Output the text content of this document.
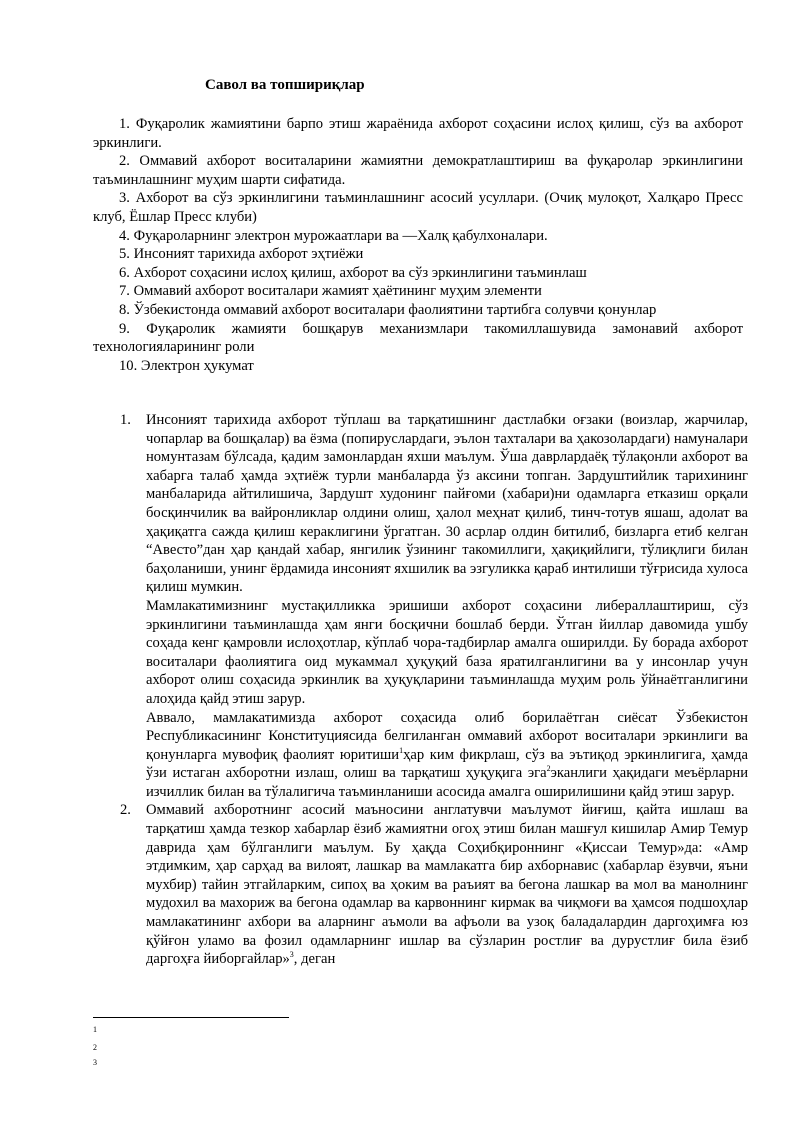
Савол ва топшириқлар

1. Фуқаролик жамиятини барпо этиш жараёнида ахборот соҳасини ислоҳ қилиш, сўз ва ахборот эркинлиги.

2. Оммавий ахборот воситаларини жамиятни демократлаштириш ва фуқаролар эркинлигини таъминлашнинг муҳим шарти сифатида.

3. Ахборот ва сўз эркинлигини таъминлашнинг асосий усуллари. (Очиқ мулоқот, Халқаро Пресс клуб, Ёшлар Пресс клуби)

4. Фуқароларнинг электрон мурожаатлари ва —Халқ қабулхоналари.

5. Инсоният тарихида ахборот эҳтиёжи

6. Ахборот соҳасини ислоҳ қилиш, ахборот ва сўз эркинлигини таъминлаш

7. Оммавий ахборот воситалари жамият ҳаётининг муҳим элементи

8. Ўзбекистонда оммавий ахборот воситалари фаолиятини тартибга солувчи қонунлар

9. Фуқаролик жамияти бошқарув механизмлари такомиллашувида замонавий ахборот технологияларининг роли

10. Электрон ҳукумат

1.	Инсоният тарихида ахборот тўплаш ва тарқатишнинг дастлабки оғзаки (воизлар, жарчилар, чопарлар ва бошқалар) ва ёзма (попируслардаги, эълон тахталари ва ҳакозолардаги) намуналари номунтазам бўлсада, қадим замонлардан яхши маълум. Ўша даврлардаёқ тўлақонли ахборот ва хабарга талаб ҳамда эҳтиёж турли манбаларда ўз аксини топган. Зардуштийлик тарихининг манбаларида айтилишича, Зардушт худонинг пайғоми (хабари)ни одамларга етказиш орқали босқинчилик ва вайронликлар олдини олиш, ҳалол меҳнат қилиб, тинч-тотув яшаш, адолат ва ҳақиқатга сажда қилиш кераклигини ўргатган. 30 асрлар олдин битилиб, бизларга етиб келган “Авесто”дан ҳар қандай хабар, янгилик ўзининг такомиллиги, ҳақиқийлиги, тўлиқлиги билан баҳоланиши, унинг ёрдамида инсоният яхшилик ва эзгуликка қараб интилиши тўғрисида хулоса қилиш мумкин.

Мамлакатимизнинг мустақилликка эришиши ахборот соҳасини либераллаштириш, сўз эркинлигини таъминлашда ҳам янги босқични бошлаб берди. Ўтган йиллар давомида ушбу соҳада кенг қамровли ислоҳотлар, кўплаб чора-тадбирлар амалга оширилди. Бу борада ахборот воситалари фаолиятига оид мукаммал ҳуқуқий база яратилганлигини ва у инсонлар учун ахборот олиш соҳасида эркинлик ва ҳуқуқларини таъминлашда муҳим роль ўйнаётганлигини алоҳида қайд этиш зарур.

Аввало, мамлакатимизда ахборот соҳасида олиб борилаётган сиёсат Ўзбекистон Республикасининг Конституциясида белгиланган оммавий ахборот воситалари эркинлиги ва қонунларга мувофиқ фаолият юритиши$^1$ҳар ким фикрлаш, сўз ва эътиқод эркинлигига, ҳамда ўзи истаган ахборотни излаш, олиш ва тарқатиш ҳуқуқига эга$^2$эканлиги ҳақидаги меъёрларни изчиллик билан ва тўлалигича таъминланиши асосида амалга оширилишини қайд этиш зарур.

2.	Оммавий ахборотнинг асосий маъносини англатувчи маълумот йиғиш, қайта ишлаш ва тарқатиш ҳамда тезкор хабарлар ёзиб жамиятни огоҳ этиш билан машғул кишилар Амир Темур даврида ҳам бўлганлиги маълум. Бу ҳақда Соҳибқироннинг «Қиссаи Темур»да: «Амр этдимким, ҳар сарҳад ва вилоят, лашкар ва мамлакатга бир ахборнавис (хабарлар ёзувчи, яъни мухбир) тайин этгайларким, сипоҳ ва ҳоким ва раъият ва бегона лашкар ва мол ва манолнинг мудохил ва махориж ва бегона одамлар ва карвоннинг кирмак ва чиқмоғи ва ҳамсоя подшоҳлар мамлакатининг ахбори ва аларнинг аъмоли ва афъоли ва узоқ баладалардин даргоҳимға юз қўйғон уламо ва фозил одамларнинг ишлар ва сўзларин ростлиғ ва дурустлиғ била ёзиб даргоҳға йиборгайлар»$^3$, деган

1
2
3
